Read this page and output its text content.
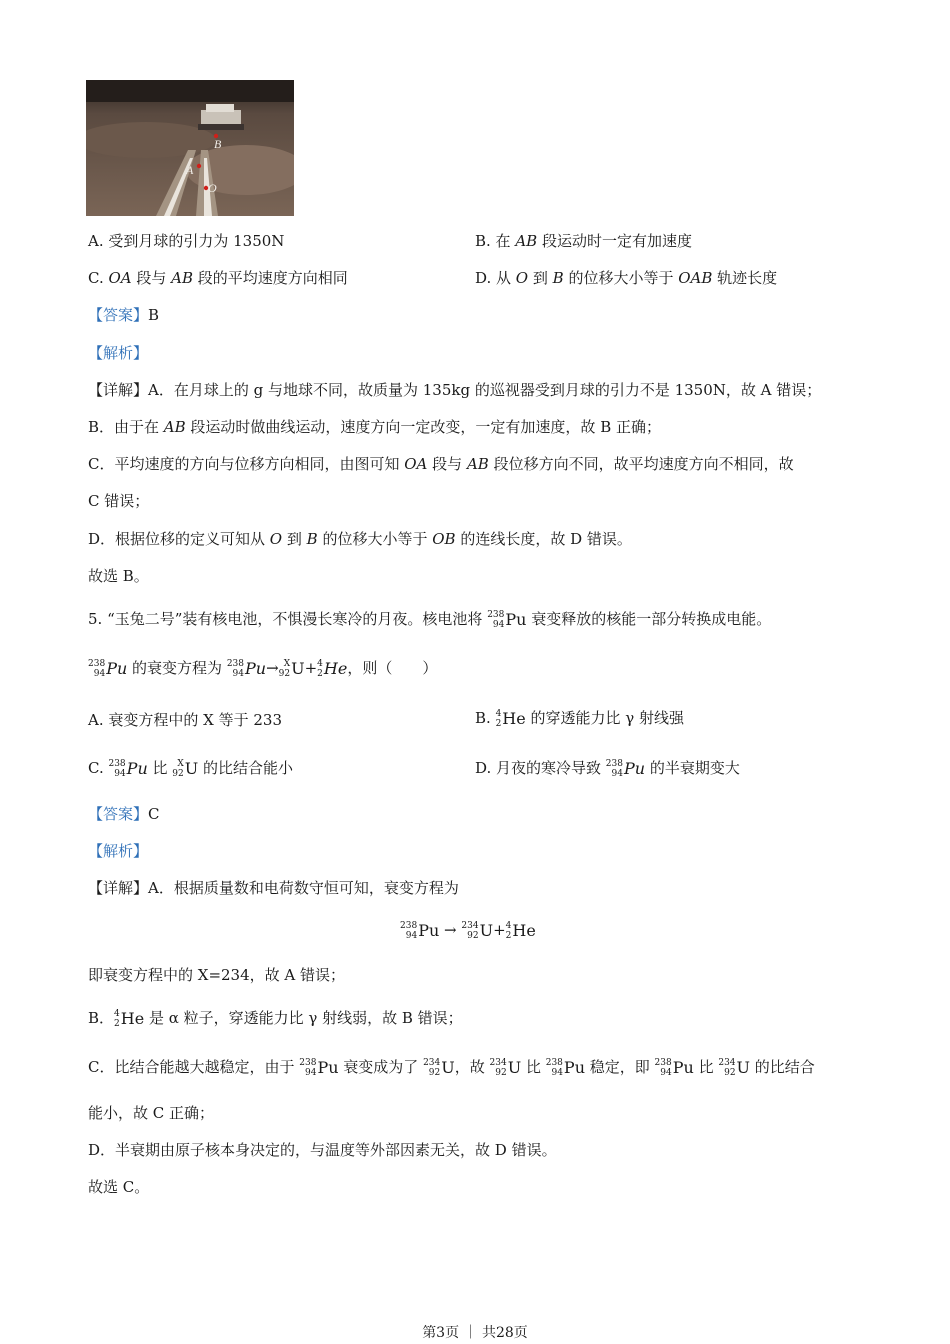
B
A
O
A. 受到月球的引力为 1350N	B. 在 AB 段运动时一定有加速度
C. OA 段与 AB 段的平均速度方向相同	D. 从 O 到 B 的位移大小等于 OAB 轨迹长度
【答案】B
【解析】
【详解】A．在月球上的 g 与地球不同，故质量为 135kg 的巡视器受到月球的引力不是 1350N，故 A 错误；
B．由于在 AB 段运动时做曲线运动，速度方向一定改变，一定有加速度，故 B 正确；
C．平均速度的方向与位移方向相同，由图可知 OA 段与 AB 段位移方向不同，故平均速度方向不相同，故
C 错误；
D．根据位移的定义可知从 O 到 B 的位移大小等于 OB 的连线长度，故 D 错误。
故选 B。
5. “玉兔二号”装有核电池，不惧漫长寒冷的月夜。核电池将 238
94 Pu 衰变释放的核能一部分转换成电能。
238
94 Pu 的衰变方程为 238
94 Pu → X
92 U + 4
2 He ，则（　　）
A. 衰变方程中的 X 等于 233	B. 4
2 He 的穿透能力比 γ 射线强
C. 238
94 Pu 比 X
92 U 的比结合能小	D. 月夜的寒冷导致 238
94 Pu 的半衰期变大
【答案】C
【解析】
【详解】A．根据质量数和电荷数守恒可知，衰变方程为
238
94 Pu → 234
92 U + 4
2 He
即衰变方程中的 X=234，故 A 错误；
B． 4
2 He 是 α 粒子，穿透能力比 γ 射线弱，故 B 错误；
C．比结合能越大越稳定，由于 238
94 Pu 衰变成为了 234
92 U ，故 234
92 U 比 238
94 Pu 稳定，即 238
94 Pu 比 234
92 U 的比结合
能小，故 C 正确；
D．半衰期由原子核本身决定的，与温度等外部因素无关，故 D 错误。
故选 C。
第3页 ｜ 共28页
